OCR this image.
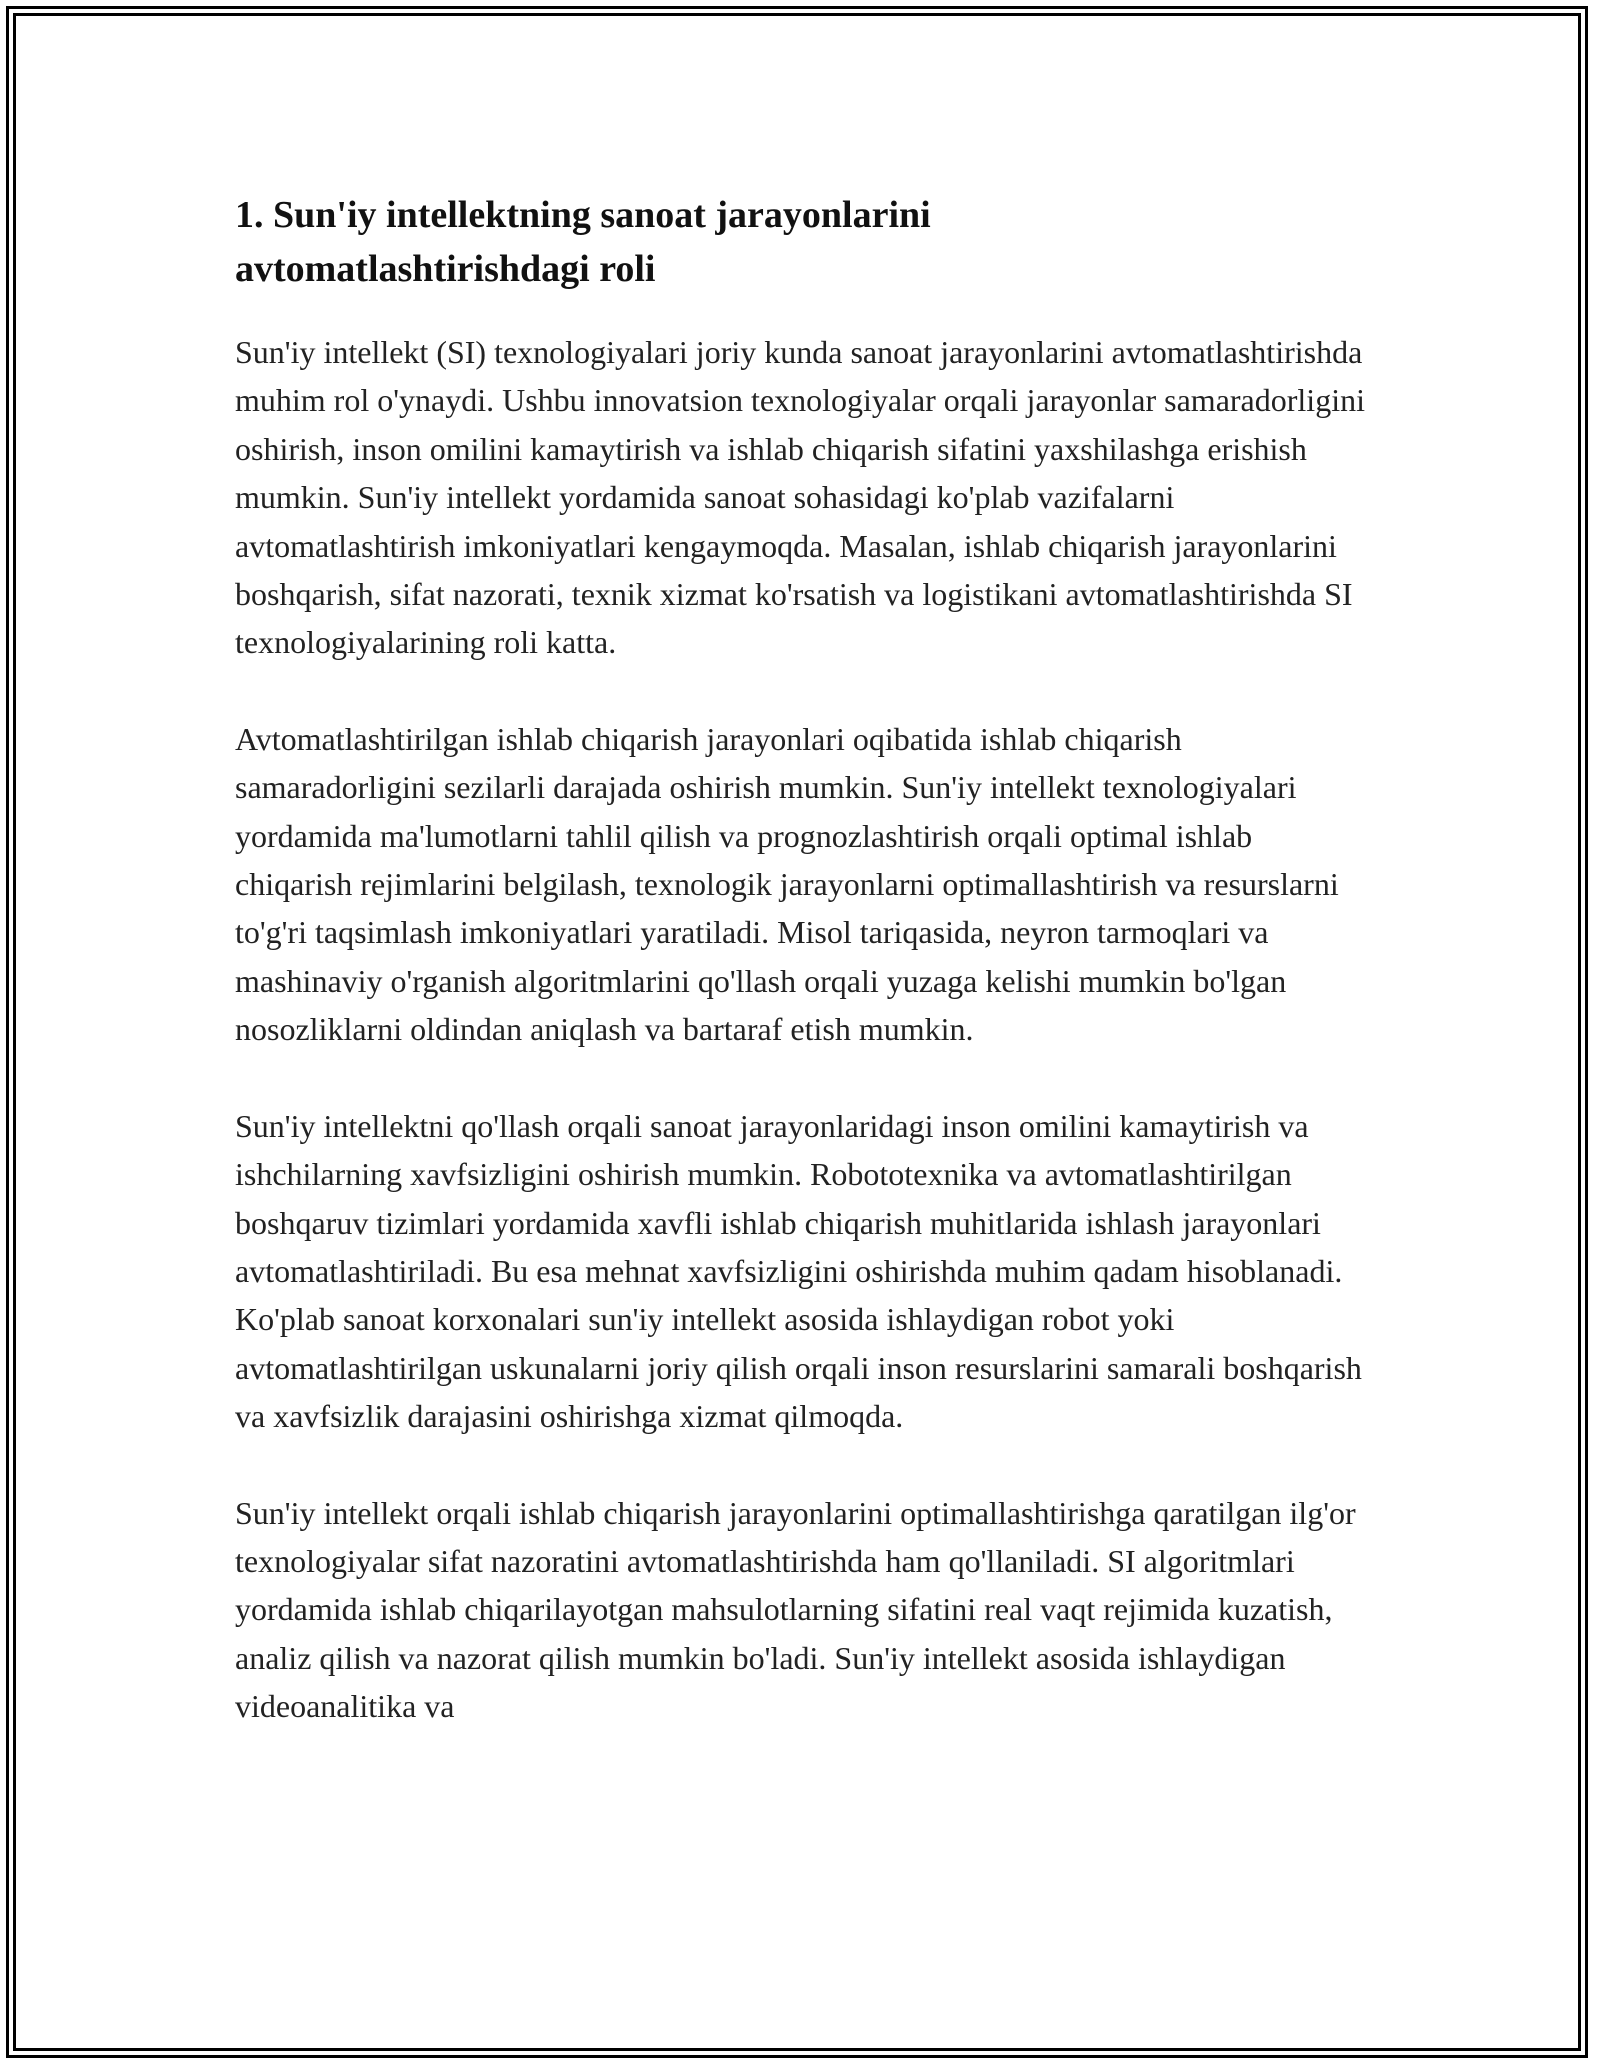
1. Sun'iy intellektning sanoat jarayonlarini avtomatlashtirishdagi roli

Sun'iy intellekt (SI) texnologiyalari joriy kunda sanoat jarayonlarini avtomatlashtirishda muhim rol o'ynaydi. Ushbu innovatsion texnologiyalar orqali jarayonlar samaradorligini oshirish, inson omilini kamaytirish va ishlab chiqarish sifatini yaxshilashga erishish mumkin. Sun'iy intellekt yordamida sanoat sohasidagi ko'plab vazifalarni avtomatlashtirish imkoniyatlari kengaymoqda. Masalan, ishlab chiqarish jarayonlarini boshqarish, sifat nazorati, texnik xizmat ko'rsatish va logistikani avtomatlashtirishda SI texnologiyalarining roli katta.

Avtomatlashtirilgan ishlab chiqarish jarayonlari oqibatida ishlab chiqarish samaradorligini sezilarli darajada oshirish mumkin. Sun'iy intellekt texnologiyalari yordamida ma'lumotlarni tahlil qilish va prognozlashtirish orqali optimal ishlab chiqarish rejimlarini belgilash, texnologik jarayonlarni optimallashtirish va resurslarni to'g'ri taqsimlash imkoniyatlari yaratiladi. Misol tariqasida, neyron tarmoqlari va mashinaviy o'rganish algoritmlarini qo'llash orqali yuzaga kelishi mumkin bo'lgan nosozliklarni oldindan aniqlash va bartaraf etish mumkin.

Sun'iy intellektni qo'llash orqali sanoat jarayonlaridagi inson omilini kamaytirish va ishchilarning xavfsizligini oshirish mumkin. Robototexnika va avtomatlashtirilgan boshqaruv tizimlari yordamida xavfli ishlab chiqarish muhitlarida ishlash jarayonlari avtomatlashtiriladi. Bu esa mehnat xavfsizligini oshirishda muhim qadam hisoblanadi. Ko'plab sanoat korxonalari sun'iy intellekt asosida ishlaydigan robot yoki avtomatlashtirilgan uskunalarni joriy qilish orqali inson resurslarini samarali boshqarish va xavfsizlik darajasini oshirishga xizmat qilmoqda.

Sun'iy intellekt orqali ishlab chiqarish jarayonlarini optimallashtirishga qaratilgan ilg'or texnologiyalar sifat nazoratini avtomatlashtirishda ham qo'llaniladi. SI algoritmlari yordamida ishlab chiqarilayotgan mahsulotlarning sifatini real vaqt rejimida kuzatish, analiz qilish va nazorat qilish mumkin bo'ladi. Sun'iy intellekt asosida ishlaydigan videoanalitika va
